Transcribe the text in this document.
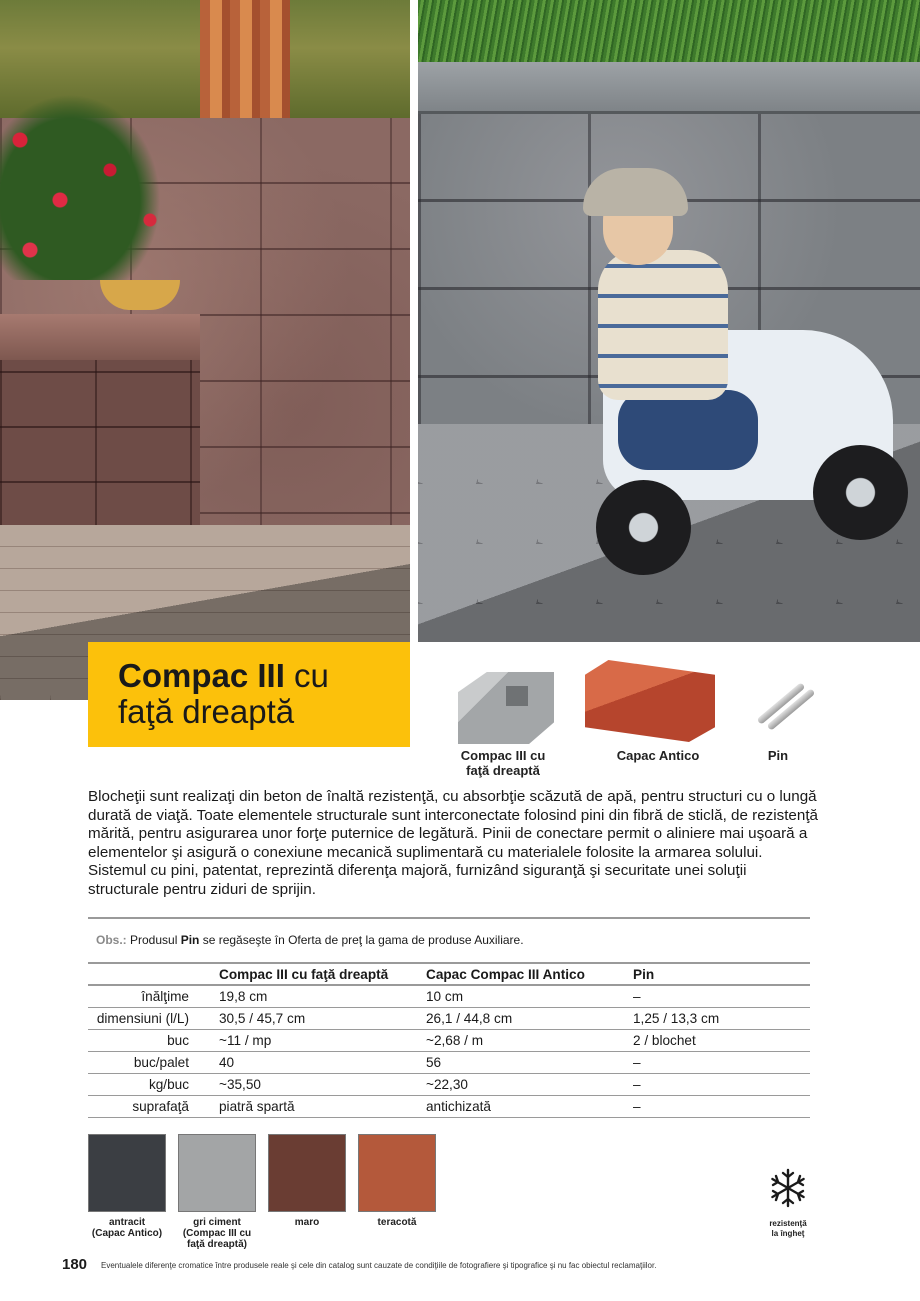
Compac III cu
faţă dreaptă
Compac III cu
faţă dreaptă
Capac Antico	Pin

Blocheţii sunt realizaţi din beton de înaltă rezistenţă, cu absorbţie scăzută de apă, pentru structuri cu o lungă durată de viaţă. Toate elementele structurale sunt interconectate folosind pini din fibră de sticlă, de rezistenţă mărită, pentru asigurarea unor forţe puternice de legătură. Pinii de conectare permit o aliniere mai uşoară a elementelor şi asigură o conexiune mecanică suplimentară cu materialele folosite la armarea solului. Sistemul cu pini, patentat, reprezintă diferenţa majoră, furnizând siguranţă şi securitate unei soluţii structurale pentru ziduri de sprijin.

Obs.: Produsul Pin se regăseşte în Oferta de preţ la gama de produse Auxiliare.
	Compac III cu faţă dreaptă	Capac Compac III Antico	Pin
înălţime	19,8 cm	10 cm	–
dimensiuni (l/L)	30,5 / 45,7 cm	26,1 / 44,8 cm	1,25 / 13,3 cm
buc	~11 / mp	~2,68 / m	2 / blochet
buc/palet	40	56	–
kg/buc	~35,50	~22,30	–
suprafaţă	piatră spartă	antichizată	–
antracit
(Capac Antico)
gri ciment
(Compac III cu
faţă dreaptă)
maro	teracotă	rezistenţă
la îngheţ
180 Eventualele diferenţe cromatice între produsele reale şi cele din catalog sunt cauzate de condiţiile de fotografiere şi tipografice şi nu fac obiectul reclamaţiilor.
